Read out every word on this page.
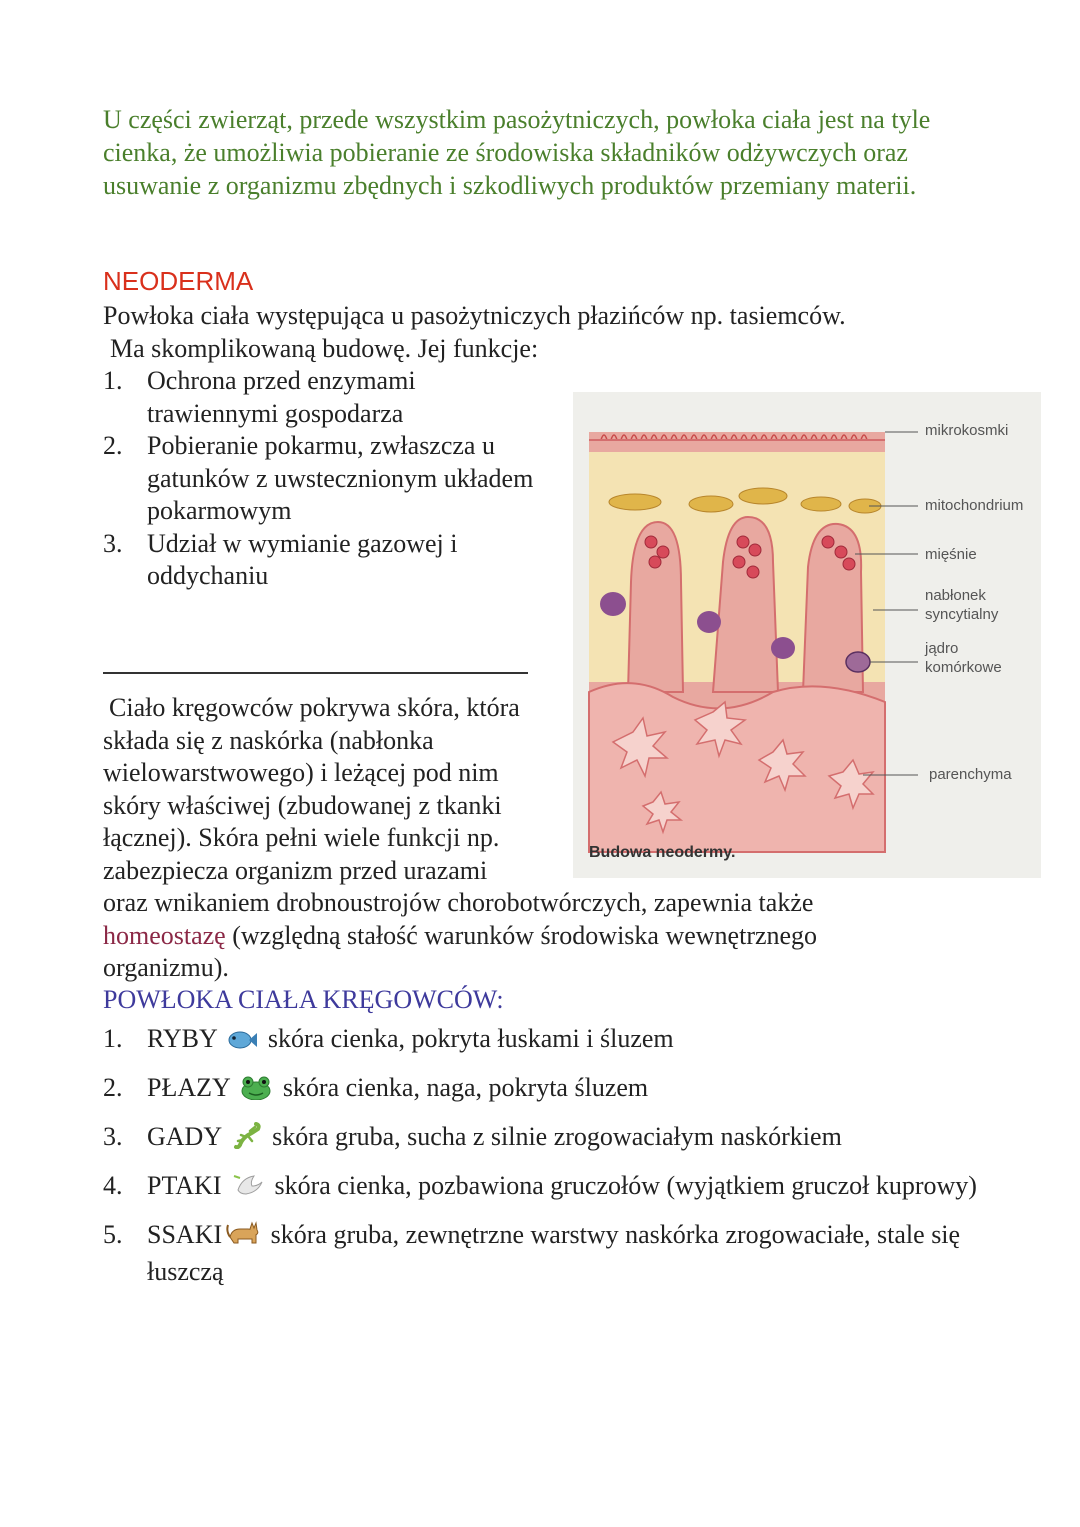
U części zwierząt, przede wszystkim pasożytniczych, powłoka ciała jest na tyle cienka, że umożliwia pobieranie ze środowiska składników odżywczych oraz usuwanie z organizmu zbędnych i szkodliwych produktów przemiany materii.
NEODERMA
Powłoka ciała występująca u pasożytniczych płazińców np. tasiemców.
Ma skomplikowaną budowę. Jej funkcje:
1. Ochrona przed enzymami trawiennymi gospodarza
2. Pobieranie pokarmu, zwłaszcza u gatunków z uwstecznionym układem pokarmowym
3. Udział w wymianie gazowej i oddychaniu
mikrokosmki
mitochondrium
mięśnie
nabłonek
syncytialny
jądro
komórkowe
parenchyma
Budowa neodermy.
Ciało kręgowców pokrywa skóra, która składa się z naskórka (nabłonka wielowarstwowego) i leżącej pod nim skóry właściwej (zbudowanej z tkanki łącznej). Skóra pełni wiele funkcji np. zabezpiecza organizm przed urazami oraz wnikaniem drobnoustrojów chorobotwórczych, zapewnia także homeostazę (względną stałość warunków środowiska wewnętrznego organizmu).
POWŁOKA CIAŁA KRĘGOWCÓW:
1. RYBY skóra cienka, pokryta łuskami i śluzem
2. PŁAZY skóra cienka, naga, pokryta śluzem
3. GADY skóra gruba, sucha z silnie zrogowaciałym naskórkiem
4. PTAKI skóra cienka, pozbawiona gruczołów (wyjątkiem gruczoł kuprowy)
5. SSAKI skóra gruba, zewnętrzne warstwy naskórka zrogowaciałe, stale się łuszczą
